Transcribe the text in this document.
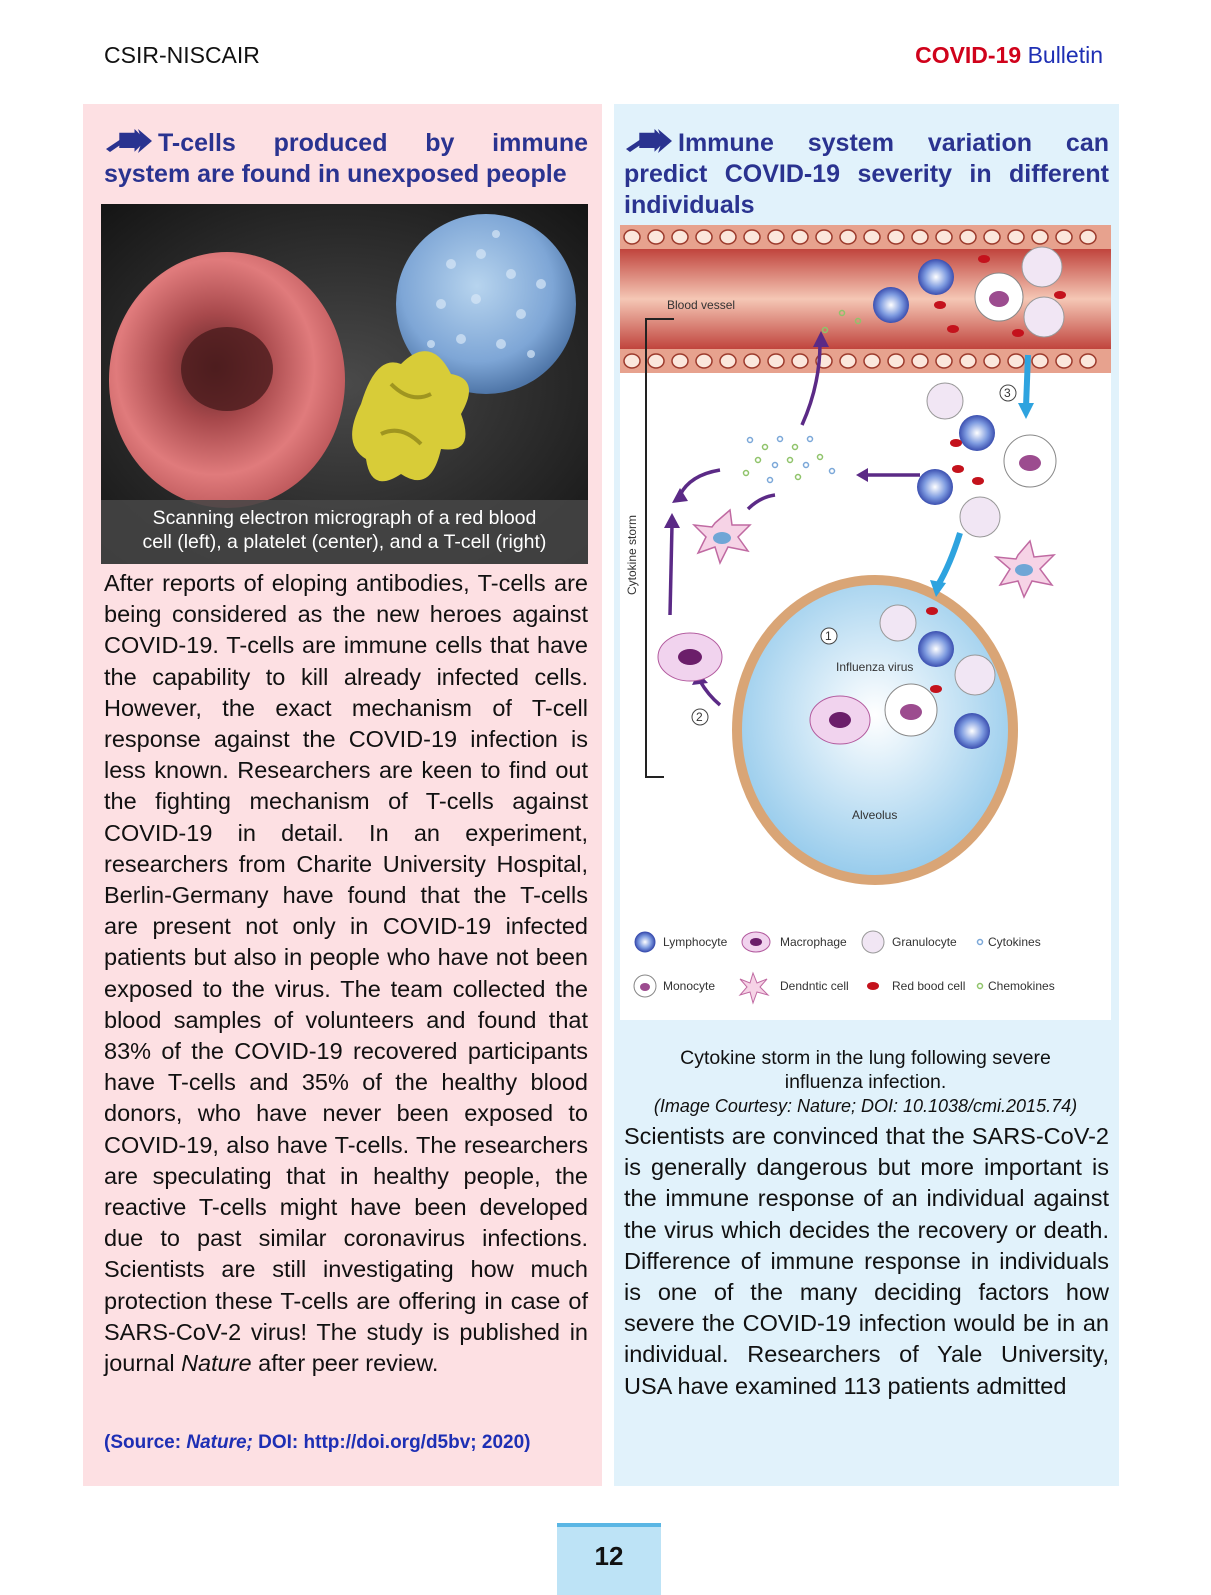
CSIR-NISCAIR	COVID-19 Bulletin
T-cells produced by immune system are found in unexposed people
Scanning electron micrograph of a red blood
cell (left), a platelet (center), and a T-cell (right)

After reports of eloping antibodies, T-cells are being considered as the new heroes against COVID-19. T-cells are immune cells that have the capability to kill already infected cells. However, the exact mechanism of T-cell response against the COVID-19 infection is less known. Researchers are keen to find out the fighting mechanism of T-cells against COVID-19 in detail. In an experiment, researchers from Charite University Hospital, Berlin-Germany have found that the T-cells are present not only in COVID-19 infected patients but also in people who have not been exposed to the virus. The team collected the blood samples of volunteers and found that 83% of the COVID-19 recovered participants have T-cells and 35% of the healthy blood donors, who have never been exposed to COVID-19, also have T-cells. The researchers are speculating that in healthy people, the reactive T-cells might have been developed due to past similar coronavirus infections. Scientists are still investigating how much protection these T-cells are offering in case of SARS-CoV-2 virus! The study is published in journal Nature after peer review.

(Source: Nature; DOI: http://doi.org/d5bv; 2020)
Immune system variation can predict COVID-19 severity in different individuals
Blood vessel
Cytokine storm
3
Influenza virus
Alveolus
1
2
Lymphocyte	Macrophage	Granulocyte	Cytokines
Monocyte	Dendntic cell	Red bood cell Chemokines
Cytokine storm in the lung following severe
influenza infection.
(Image Courtesy: Nature; DOI: 10.1038/cmi.2015.74)

Scientists are convinced that the SARS-CoV-2 is generally dangerous but more important is the immune response of an individual against the virus which decides the recovery or death. Difference of immune response in individuals is one of the many deciding factors how severe the COVID-19 infection would be in an individual. Researchers of Yale University, USA have examined 113 patients admitted

12
